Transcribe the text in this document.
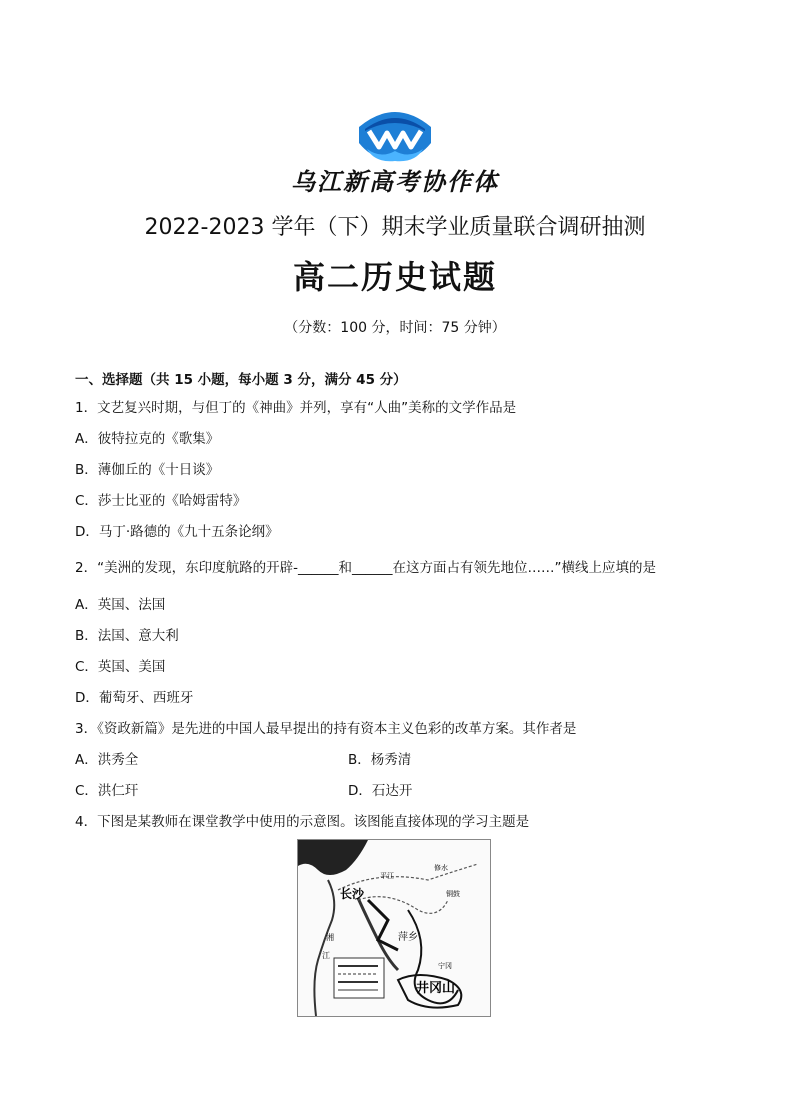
乌江新高考协作体
2022-2023 学年（下）期末学业质量联合调研抽测
高二历史试题
（分数：100 分，时间：75 分钟）
一、选择题（共 15 小题，每小题 3 分，满分 45 分）
1．文艺复兴时期，与但丁的《神曲》并列，享有“人曲”美称的文学作品是
A．彼特拉克的《歌集》
B．薄伽丘的《十日谈》
C．莎士比亚的《哈姆雷特》
D．马丁·路德的《九十五条论纲》
2．“美洲的发现，东印度航路的开辟-______和______在这方面占有领先地位……”横线上应填的是
A．英国、法国
B．法国、意大利
C．英国、美国
D．葡萄牙、西班牙
3．《资政新篇》是先进的中国人最早提出的持有资本主义色彩的改革方案。其作者是
A．洪秀全	B．杨秀清
C．洪仁玕	D．石达开
4．下图是某教师在课堂教学中使用的示意图。该图能直接体现的学习主题是
长沙
萍乡
平江
修水
铜鼓
宁冈
井冈山
湘
江
